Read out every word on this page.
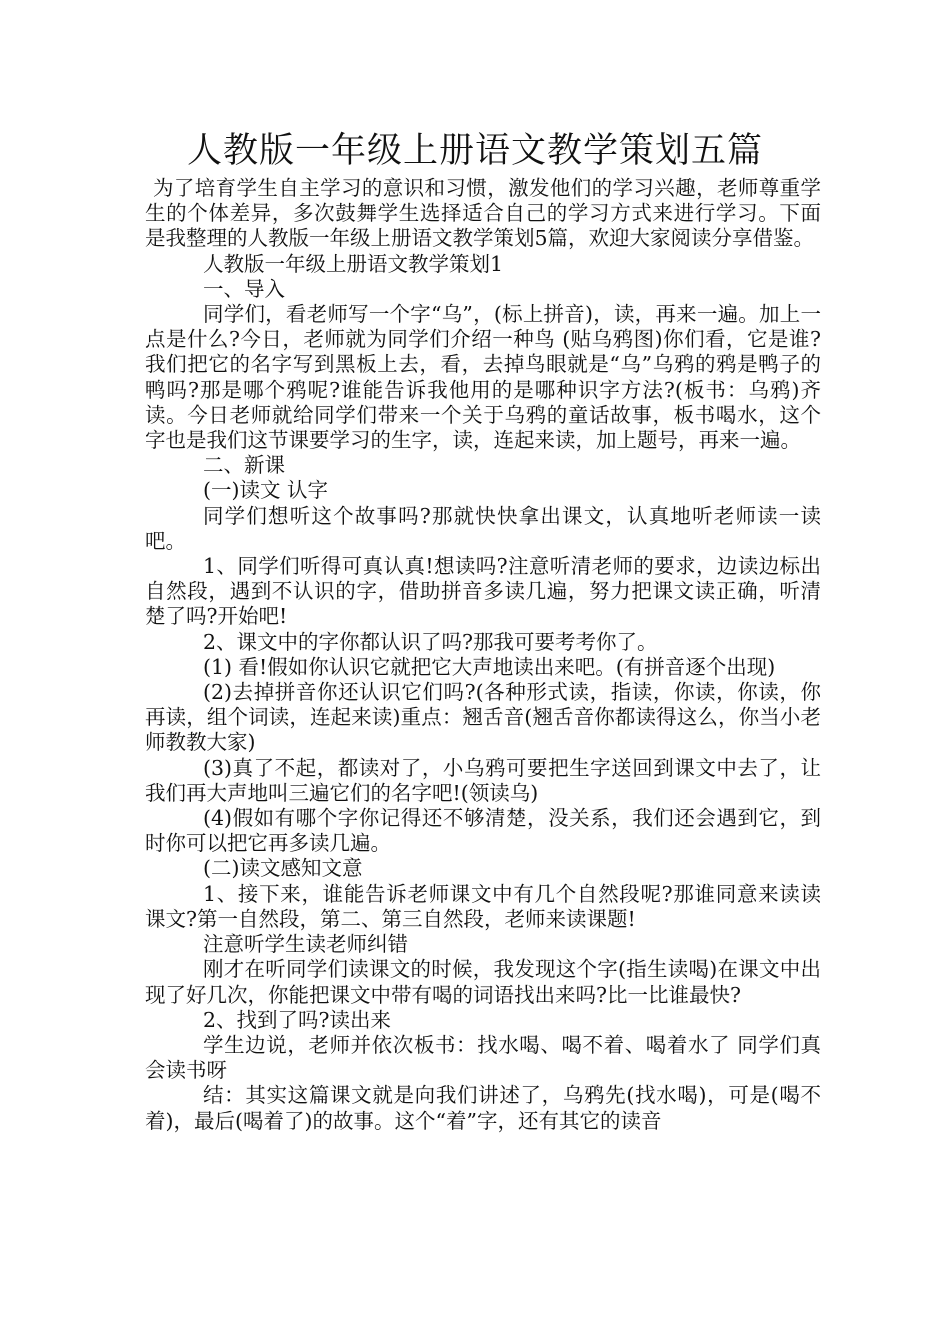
人教版一年级上册语文教学策划五篇

为了培育学生自主学习的意识和习惯，激发他们的学习兴趣，老师尊重学生的个体差异，多次鼓舞学生选择适合自己的学习方式来进行学习。下面是我整理的人教版一年级上册语文教学策划5篇，欢迎大家阅读分享借鉴。

人教版一年级上册语文教学策划1

一、导入

同学们，看老师写一个字“乌”，(标上拼音)，读，再来一遍。加上一点是什么?今日，老师就为同学们介绍一种鸟 (贴乌鸦图)你们看，它是谁?我们把它的名字写到黑板上去，看，去掉鸟眼就是“乌”乌鸦的鸦是鸭子的鸭吗?那是哪个鸦呢?谁能告诉我他用的是哪种识字方法?(板书：乌鸦)齐读。今日老师就给同学们带来一个关于乌鸦的童话故事，板书喝水，这个字也是我们这节课要学习的生字，读，连起来读，加上题号，再来一遍。

二、新课

(一)读文 认字

同学们想听这个故事吗?那就快快拿出课文，认真地听老师读一读吧。

1、同学们听得可真认真!想读吗?注意听清老师的要求，边读边标出自然段，遇到不认识的字，借助拼音多读几遍，努力把课文读正确，听清楚了吗?开始吧!

2、课文中的字你都认识了吗?那我可要考考你了。

(1) 看!假如你认识它就把它大声地读出来吧。(有拼音逐个出现)

(2)去掉拼音你还认识它们吗?(各种形式读，指读，你读，你读，你再读，组个词读，连起来读)重点：翘舌音(翘舌音你都读得这么，你当小老师教教大家)

(3)真了不起，都读对了，小乌鸦可要把生字送回到课文中去了，让我们再大声地叫三遍它们的名字吧!(领读乌)

(4)假如有哪个字你记得还不够清楚，没关系，我们还会遇到它，到时你可以把它再多读几遍。

(二)读文感知文意

1、接下来，谁能告诉老师课文中有几个自然段呢?那谁同意来读读课文?第一自然段，第二、第三自然段，老师来读课题!

注意听学生读老师纠错

刚才在听同学们读课文的时候，我发现这个字(指生读喝)在课文中出现了好几次，你能把课文中带有喝的词语找出来吗?比一比谁最快?

2、找到了吗?读出来

学生边说，老师并依次板书：找水喝、喝不着、喝着水了 同学们真会读书呀

结：其实这篇课文就是向我们讲述了，乌鸦先(找水喝)，可是(喝不着)，最后(喝着了)的故事。这个“着”字，还有其它的读音
